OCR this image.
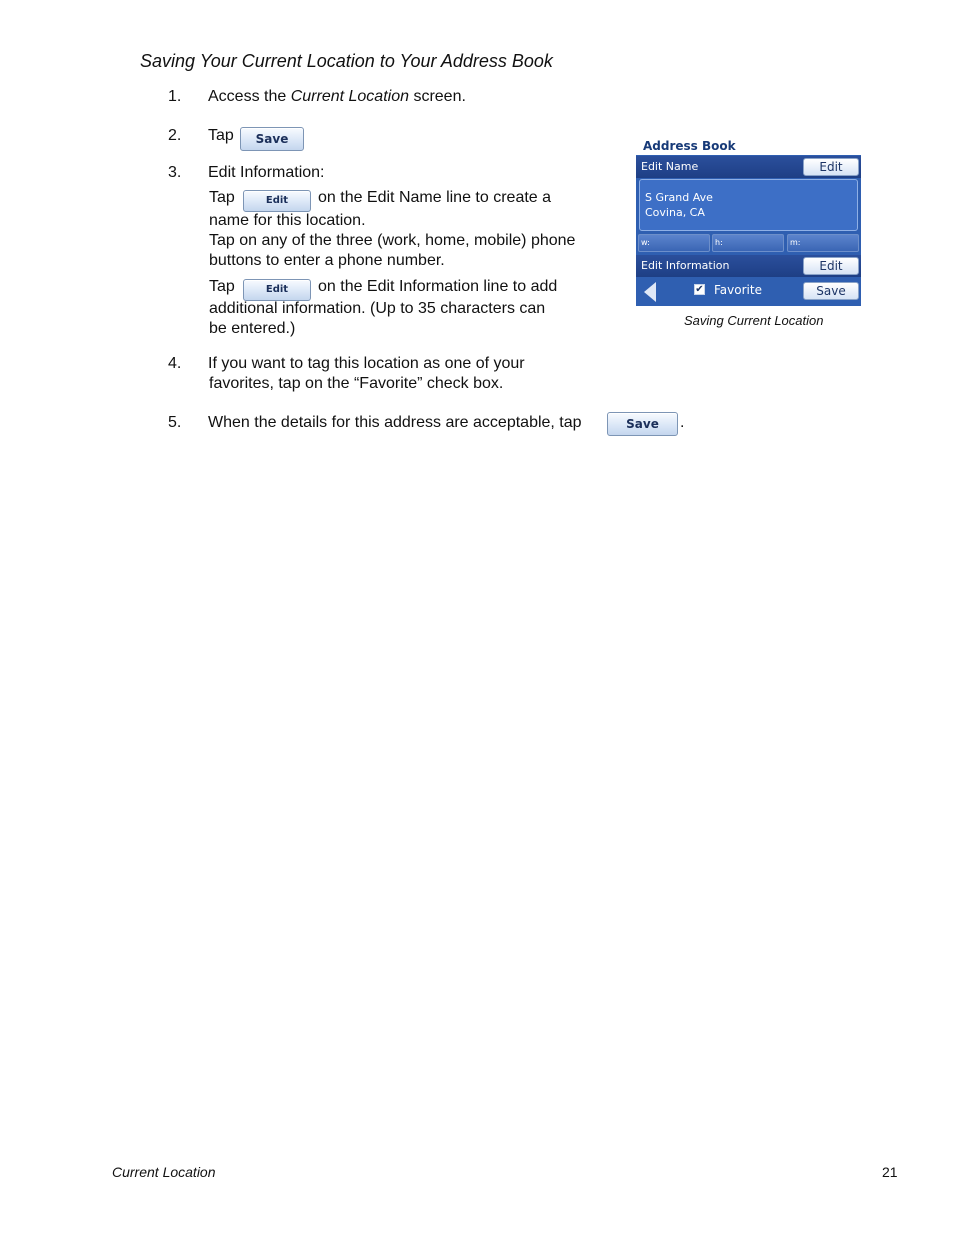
Saving Your Current Location to Your Address Book
1. Access the Current Location screen.
2. Tap	Save
3. Edit Information:
Tap	Edit	on the Edit Name line to create a
name for this location.
Tap on any of the three (work, home, mobile) phone
buttons to enter a phone number.
Tap	Edit	on the Edit Information line to add
additional information. (Up to 35 characters can
be entered.)
4. If you want to tag this location as one of your
favorites, tap on the “Favorite” check box.
5. When the details for this address are acceptable, tap	Save	.
Address Book
Edit Name	Edit
S Grand Ave
Covina, CA
w:	h:	m:
Edit Information	Edit
✔ Favorite	Save
Saving Current Location
Current Location	21
